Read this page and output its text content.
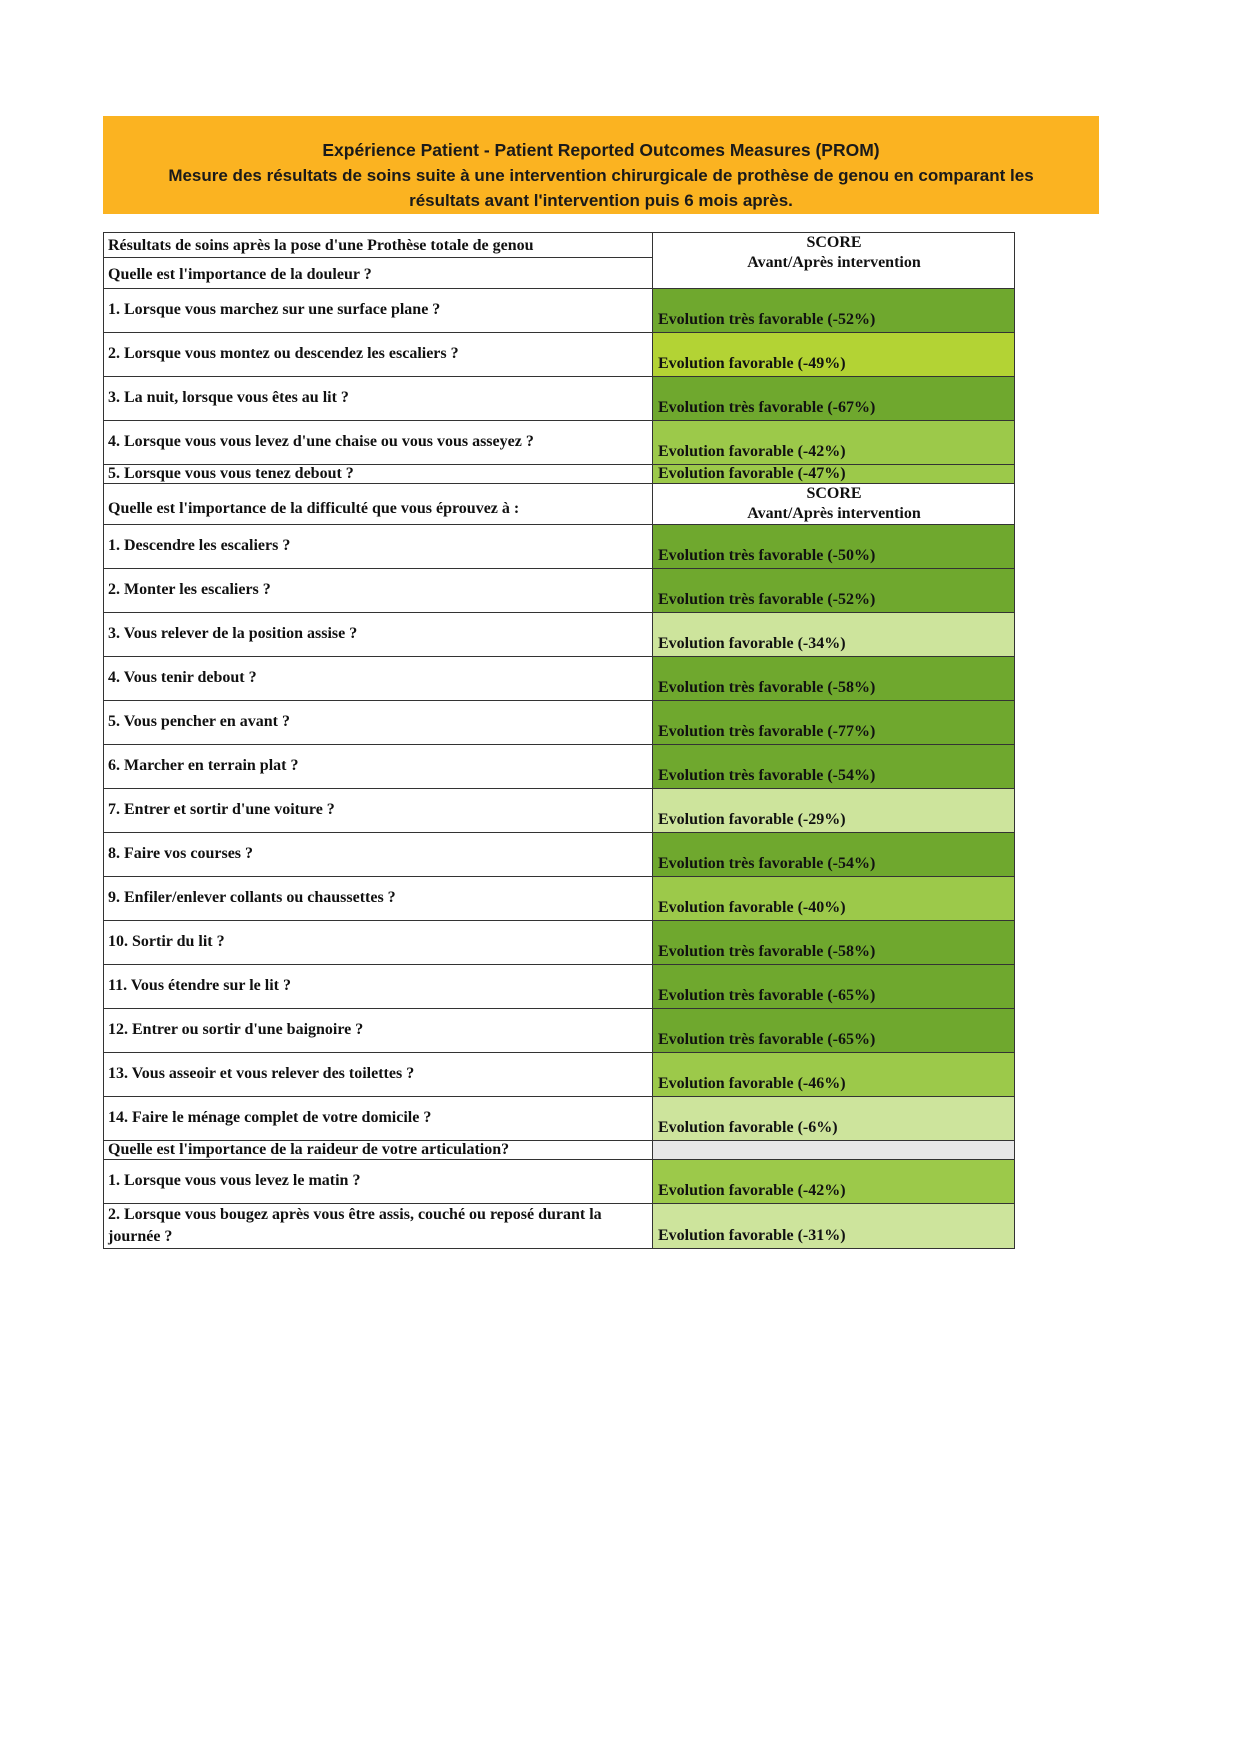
Expérience Patient - Patient Reported Outcomes Measures (PROM)
Mesure des résultats de soins suite à une intervention chirurgicale de prothèse de genou en comparant les
résultats avant l'intervention puis 6 mois après.
Résultats de soins après la pose d'une Prothèse totale de genou	SCORE
Avant/Après intervention

Quelle est l'importance de la douleur ?	
1. Lorsque vous marchez sur une surface plane ?	Evolution très favorable (-52%)
2. Lorsque vous montez ou descendez les escaliers ?	Evolution favorable (-49%)
3. La nuit, lorsque vous êtes au lit ?	Evolution très favorable (-67%)
4. Lorsque vous vous levez d'une chaise ou vous vous asseyez ?	Evolution favorable (-42%)
5. Lorsque vous vous tenez debout ?	Evolution favorable (-47%)
Quelle est l'importance de la difficulté que vous éprouvez à :	SCORE
Avant/Après intervention

1. Descendre les escaliers ?	Evolution très favorable (-50%)
2. Monter les escaliers ?	Evolution très favorable (-52%)
3. Vous relever de la position assise ?	Evolution favorable (-34%)
4. Vous tenir debout ?	Evolution très favorable (-58%)
5. Vous pencher en avant ?	Evolution très favorable (-77%)
6. Marcher en terrain plat ?	Evolution très favorable (-54%)
7. Entrer et sortir d'une voiture ?	Evolution favorable (-29%)
8. Faire vos courses ?	Evolution très favorable (-54%)
9. Enfiler/enlever collants ou chaussettes ?	Evolution favorable (-40%)
10. Sortir du lit ?	Evolution très favorable (-58%)
11. Vous étendre sur le lit ?	Evolution très favorable (-65%)
12. Entrer ou sortir d'une baignoire ?	Evolution très favorable (-65%)
13. Vous asseoir et vous relever des toilettes ?	Evolution favorable (-46%)
14. Faire le ménage complet de votre domicile ?	Evolution favorable (-6%)
Quelle est l'importance de la raideur de votre articulation?	
1. Lorsque vous vous levez le matin ?	Evolution favorable (-42%)
2. Lorsque vous bougez après vous être assis, couché ou reposé durant la journée ?	Evolution favorable (-31%)
